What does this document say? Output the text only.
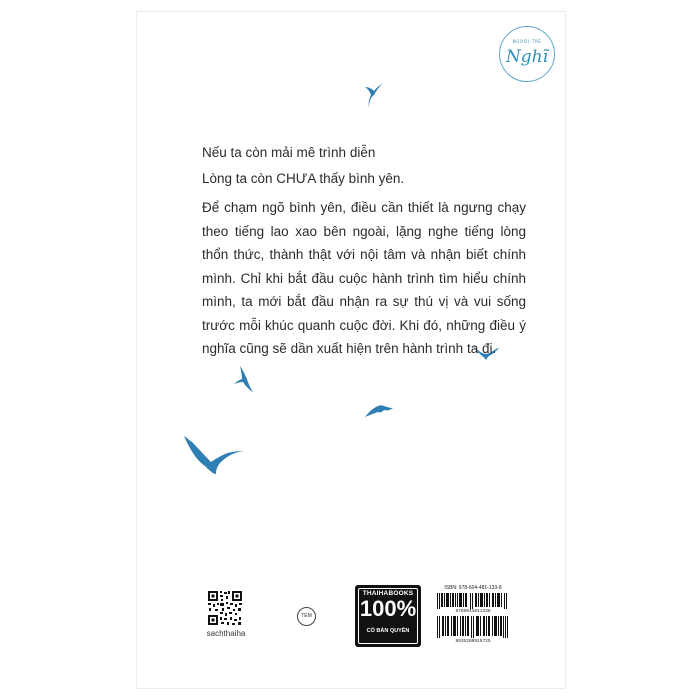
NGƯỜI TRẺ
Nghĩ
Nếu ta còn mải mê trình diễn
Lòng ta còn CHƯA thấy bình yên.
Để chạm ngõ bình yên, điều cần thiết là ngưng chạy theo tiếng lao xao bên ngoài, lặng nghe tiếng lòng thổn thức, thành thật với nội tâm và nhận biết chính mình. Chỉ khi bắt đầu cuộc hành trình tìm hiểu chính mình, ta mới bắt đầu nhận ra sự thú vị và vui sống trước mỗi khúc quanh cuộc đời. Khi đó, những điều ý nghĩa cũng sẽ dần xuất hiện trên hành trình ta đi.
sachthaiha
TEM
THAIHABOOKS
100%
CÓ BẢN QUYỀN
ISBN: 978-604-481-133-8
9786044811338
8935280915725
